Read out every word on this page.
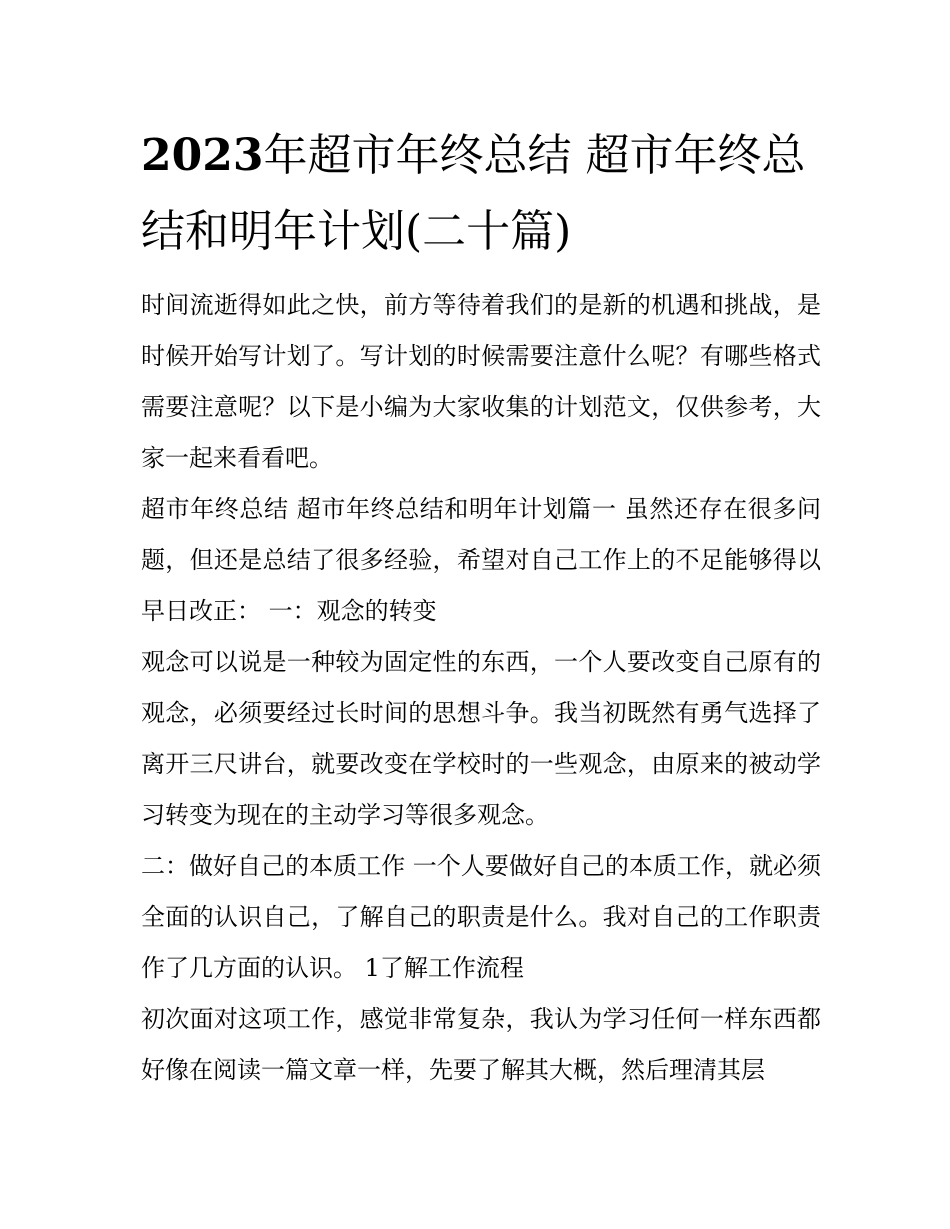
2023年超市年终总结 超市年终总结和明年计划(二十篇)

时间流逝得如此之快，前方等待着我们的是新的机遇和挑战，是时候开始写计划了。写计划的时候需要注意什么呢？有哪些格式需要注意呢？以下是小编为大家收集的计划范文，仅供参考，大家一起来看看吧。

超市年终总结 超市年终总结和明年计划篇一 虽然还存在很多问题，但还是总结了很多经验，希望对自己工作上的不足能够得以早日改正： 一：观念的转变

观念可以说是一种较为固定性的东西，一个人要改变自己原有的观念，必须要经过长时间的思想斗争。我当初既然有勇气选择了离开三尺讲台，就要改变在学校时的一些观念，由原来的被动学习转变为现在的主动学习等很多观念。

二：做好自己的本质工作 一个人要做好自己的本质工作，就必须全面的认识自己，了解自己的职责是什么。我对自己的工作职责作了几方面的认识。 1了解工作流程

初次面对这项工作，感觉非常复杂，我认为学习任何一样东西都好像在阅读一篇文章一样，先要了解其大概，然后理清其层
